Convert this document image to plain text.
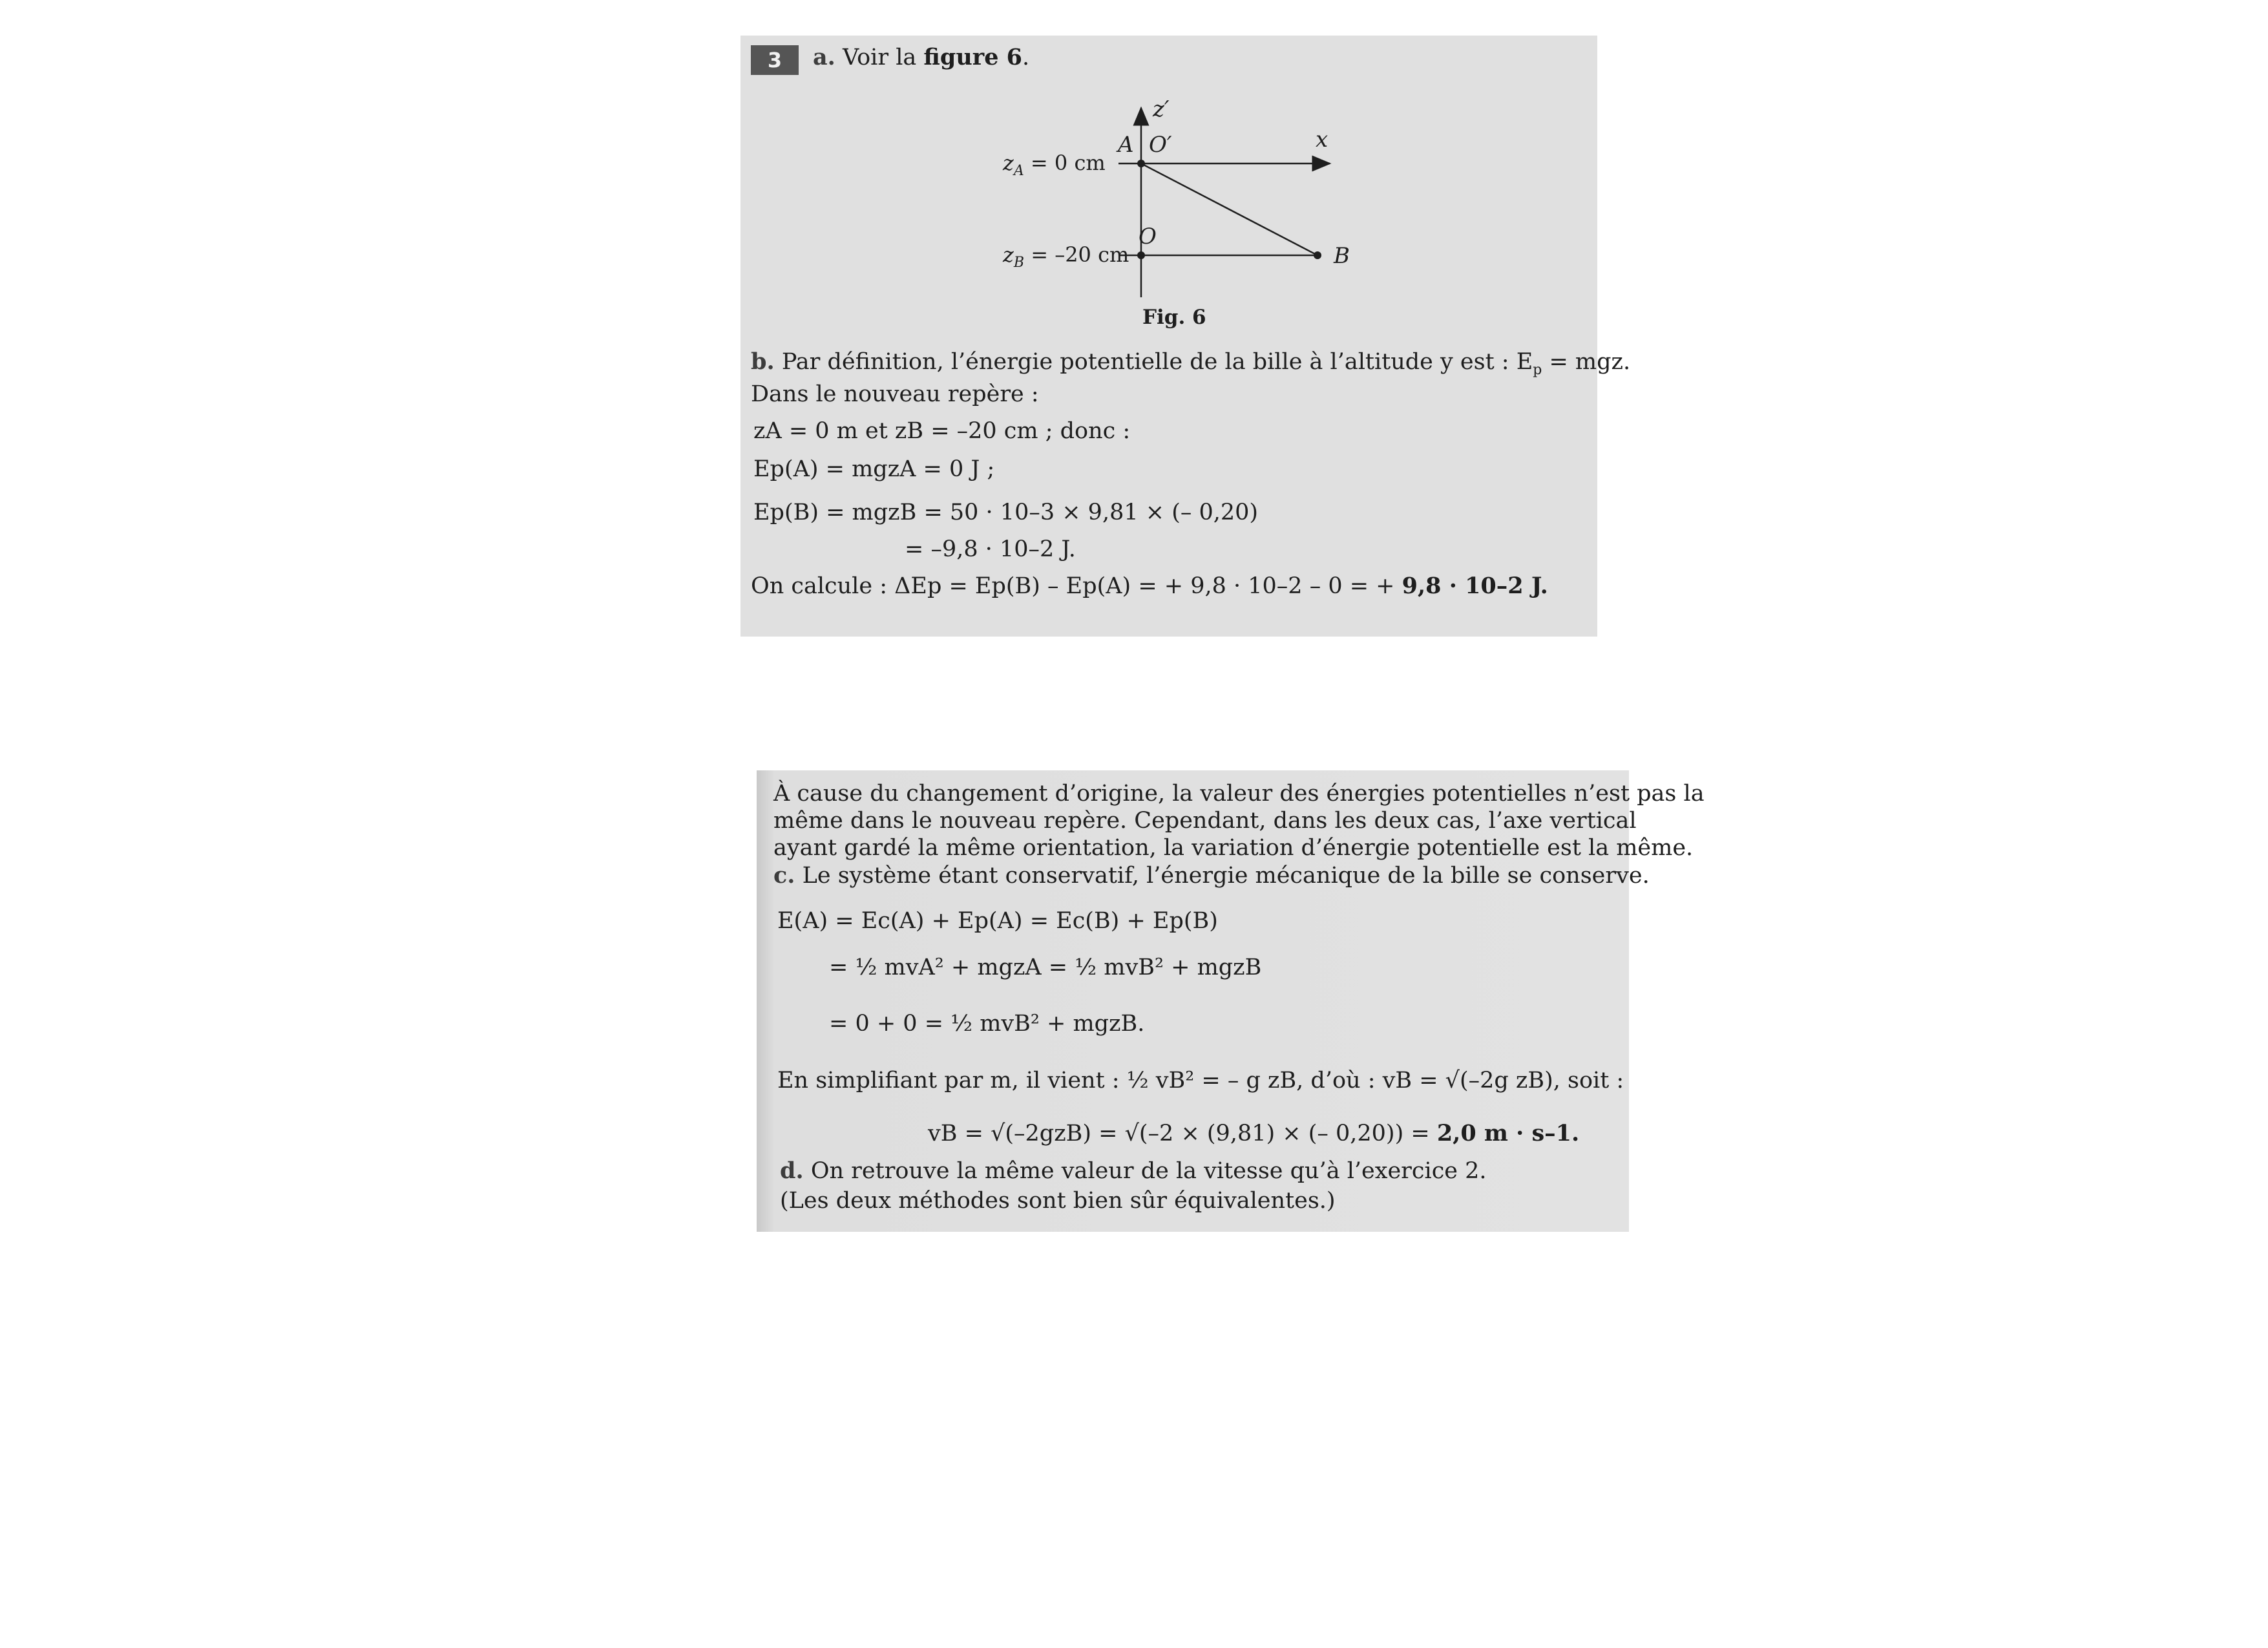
3	a. Voir la figure 6.
z′
A O′	x
O
B
$z_A = 0$ cm
$z_B = -20$ cm
Fig. 6
b. Par définition, l’énergie potentielle de la bille à l’altitude y est : $E_p$ = mgz.
Dans le nouveau repère :
zA = 0 m et zB = –20 cm ; donc :
Ep(A) = mgzA = 0 J ;
Ep(B) = mgzB = 50 · 10–3 × 9,81 × (– 0,20)
= –9,8 · 10–2 J.
On calcule : ΔEp = Ep(B) – Ep(A) = + 9,8 · 10–2 – 0 = + 9,8 · 10–2 J.
À cause du changement d’origine, la valeur des énergies potentielles n’est pas la
même dans le nouveau repère. Cependant, dans les deux cas, l’axe vertical
ayant gardé la même orientation, la variation d’énergie potentielle est la même.
c. Le système étant conservatif, l’énergie mécanique de la bille se conserve.
E(A) = Ec(A) + Ep(A) = Ec(B) + Ep(B)
= ½ mvA² + mgzA = ½ mvB² + mgzB
= 0 + 0 = ½ mvB² + mgzB.
En simplifiant par m, il vient : ½ vB² = – g zB, d’où : vB = √(–2g zB), soit :
vB = √(–2gzB) = √(–2 × (9,81) × (– 0,20)) = 2,0 m · s–1.
d. On retrouve la même valeur de la vitesse qu’à l’exercice 2.
(Les deux méthodes sont bien sûr équivalentes.)
